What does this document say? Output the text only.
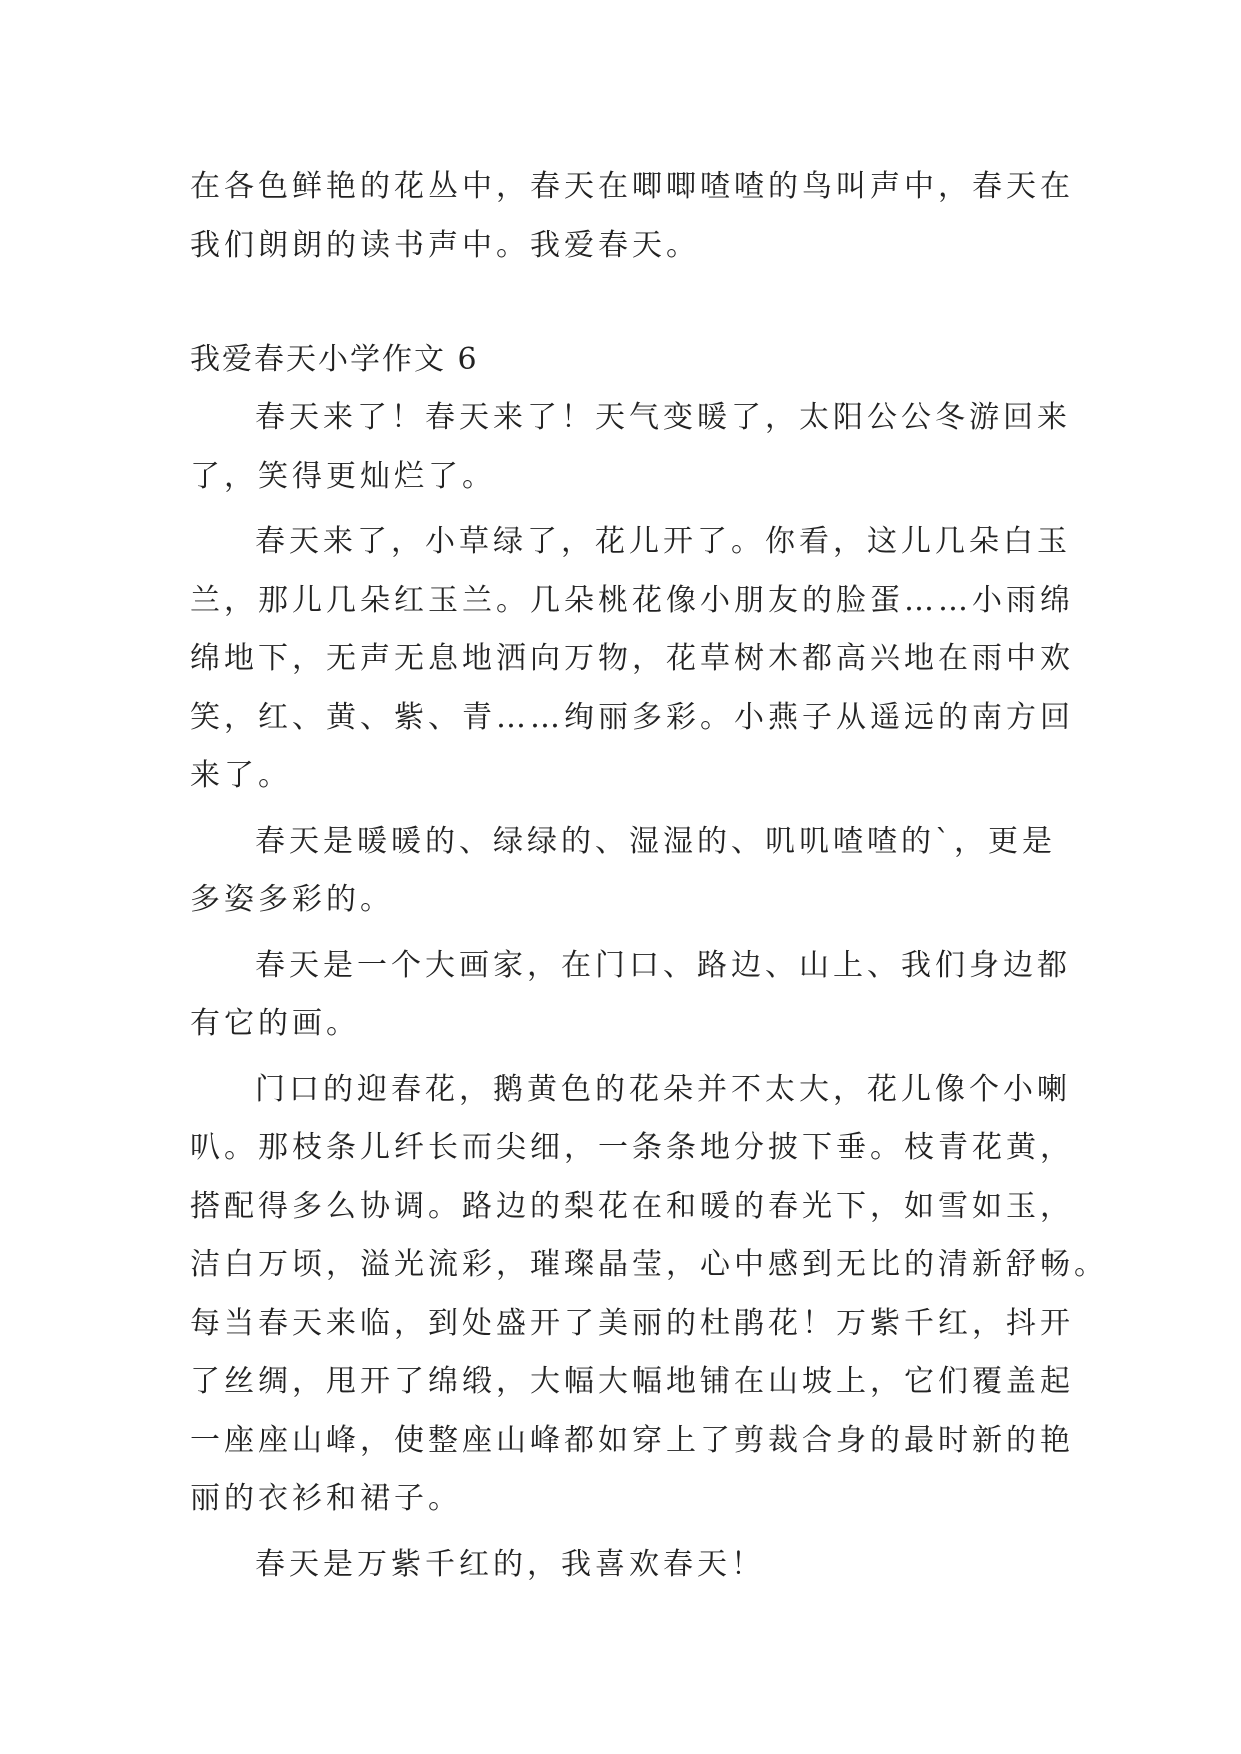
在各色鲜艳的花丛中，春天在唧唧喳喳的鸟叫声中，春天在

我们朗朗的读书声中。我爱春天。

我爱春天小学作文 6

春天来了！春天来了！天气变暖了，太阳公公冬游回来

了，笑得更灿烂了。

春天来了，小草绿了，花儿开了。你看，这儿几朵白玉

兰，那儿几朵红玉兰。几朵桃花像小朋友的脸蛋……小雨绵

绵地下，无声无息地洒向万物，花草树木都高兴地在雨中欢

笑，红、黄、紫、青……绚丽多彩。小燕子从遥远的南方回

来了。

春天是暖暖的、绿绿的、湿湿的、叽叽喳喳的`，更是

多姿多彩的。

春天是一个大画家，在门口、路边、山上、我们身边都

有它的画。

门口的迎春花，鹅黄色的花朵并不太大，花儿像个小喇

叭。那枝条儿纤长而尖细，一条条地分披下垂。枝青花黄，

搭配得多么协调。路边的梨花在和暖的春光下，如雪如玉，

洁白万顷，溢光流彩，璀璨晶莹，心中感到无比的清新舒畅。

每当春天来临，到处盛开了美丽的杜鹃花！万紫千红，抖开

了丝绸，甩开了绵缎，大幅大幅地铺在山坡上，它们覆盖起

一座座山峰，使整座山峰都如穿上了剪裁合身的最时新的艳

丽的衣衫和裙子。

春天是万紫千红的，我喜欢春天！
